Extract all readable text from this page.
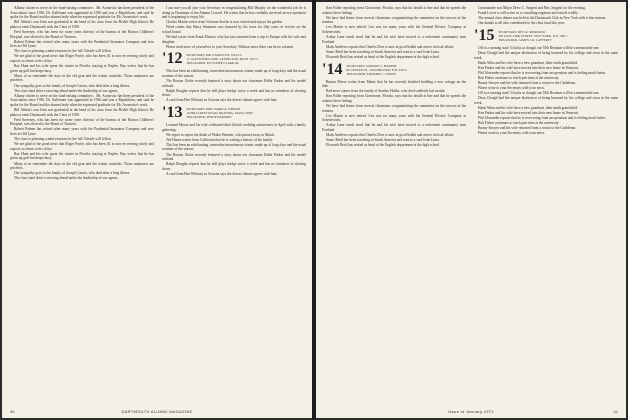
Albany citizen to serve on the fund-raising committee... Mr. Aronovitz has been president of the Association since 1936. Dr. Kalleman was appointed in 1936 and was a Republican, and said he spoke for the Board and the alumni body when he expressed gratitude for Mr. Aronovitz's work.

Bill Abbott's son John was graduated at the head of his class from the Bethel High School. He plans to enter Dartmouth with the Class of 1969.

Fred Sweeney, who has been for some years director of the bureau of the Boston Children's Hospital, was elected to the Board of Trustees.

Robert Palmer has retired after many years with the Prudential Insurance Company and now lives in Old Lyme.

The class is planning a mini-reunion for the fall. Details will follow.

We are glad of the good news that Roger Potter, who has been ill, is now recovering nicely and expects to return to his office.

Ray Hunt and his wife spent the winter in Florida, staying at Naples. Ray writes that he has given up golf but keeps busy.

Many of us remember the days in the old gym and the winter carnivals. Those memories are priceless.

Our sympathy goes to the family of Joseph Carson, who died after a long illness.

The class fund drive is moving ahead under the leadership of our agents.

Albany citizen to serve on the fund-raising committee... Mr. Aronovitz has been president of the Association since 1936. Dr. Kalleman was appointed in 1936 and was a Republican, and said he spoke for the Board and the alumni body when he expressed gratitude for Mr. Aronovitz's work.

Bill Abbott's son John was graduated at the head of his class from the Bethel High School. He plans to enter Dartmouth with the Class of 1969.

Fred Sweeney, who has been for some years director of the bureau of the Boston Children's Hospital, was elected to the Board of Trustees.

Robert Palmer has retired after many years with the Prudential Insurance Company and now lives in Old Lyme.

The class is planning a mini-reunion for the fall. Details will follow.

We are glad of the good news that Roger Potter, who has been ill, is now recovering nicely and expects to return to his office.

Ray Hunt and his wife spent the winter in Florida, staying at Naples. Ray writes that he has given up golf but keeps busy.

Many of us remember the days in the old gym and the winter carnivals. Those memories are priceless.

Our sympathy goes to the family of Joseph Carson, who died after a long illness.

The class fund drive is moving ahead under the leadership of our agents.

I am sure you all join your Secretary in congratulating Bill Murphy on the wonderful job he is doing as Chairman of the Alumni Council. He writes that he has cordially survived an eye operation and is beginning to enjoy life.

Charles Martin writes from Vermont that he is now retired and enjoys his garden.

Word comes that Harry Simmons was honored by his town for fifty years of service on the school board.

We had a note from Frank Elmore, who has just returned from a trip to Europe with his wife and daughter.

Please send news of yourselves to your Secretary. Without news there can be no column.

'12 SECRETARY, MR. STANLEY B. WELLS
11 GLENWOOD LANE, LEXINGTON, MASS. 02173
TREASURER, FLETCHER CLARK JR.

This has been an exhilarating, somewhat monotonous winter, made up of long days and the usual routines of the season.

The Boston Globe recently featured a story about our classmate Eddie Parker and his model railroad.

Ralph Douglas reports that he still plays bridge twice a week and has no intention of slowing down.

A card from Ben Whitney in Arizona says the desert climate agrees with him.

'13 SECRETARY, MRS. WARD A. WRIGHT
19 HILLCREST ROAD, READING, MASS. 01867
TREASURER, PHILIP HARMON

Leonard Moore and his wife celebrated their fiftieth wedding anniversary in April with a family gathering.

We regret to report the death of Walter Bennett, who passed away in March.

Ted Hazen writes from California that he is writing a history of his family.

This has been an exhilarating, somewhat monotonous winter, made up of long days and the usual routines of the season.

The Boston Globe recently featured a story about our classmate Eddie Parker and his model railroad.

Ralph Douglas reports that he still plays bridge twice a week and has no intention of slowing down.

A card from Ben Whitney in Arizona says the desert climate agrees with him.

40	DARTMOUTH ALUMNI MAGAZINE

Ken Fuller reporting from Clearwater, Florida, says that his health is fine and that he spends the winters there fishing.

We have had letters from several classmates congratulating the committee on the success of the reunion.

Leo Martin is now retired. Leo was for many years with the General Electric Company at Schenectady.

Arthur Lane sends word that he and his wife have moved to a retirement community near Portland.

Mark Andrews reports that Charles Dow is now in good health and active in local affairs.

Stuart Reed has been traveling in South America and sent us a card from Lima.

Elsworth Beck has retired as head of the English department at the high school.

'14 SECRETARY, GORDON C. HARPER
86 CENTER ST., WINCHESTER, N.H. 03470
TREASURER, EDWARD L. CURTIS

Burton Morse writes from Maine that he has recently finished building a new cottage on the lake.

Bad news comes from the family of Stanley Hobbs, who died suddenly last month.

Ken Fuller reporting from Clearwater, Florida, says that his health is fine and that he spends the winters there fishing.

We have had letters from several classmates congratulating the committee on the success of the reunion.

Leo Martin is now retired. Leo was for many years with the General Electric Company at Schenectady.

Arthur Lane sends word that he and his wife have moved to a retirement community near Portland.

Mark Andrews reports that Charles Dow is now in good health and active in local affairs.

Stuart Reed has been traveling in South America and sent us a card from Lima.

Elsworth Beck has retired as head of the English department at the high school.

Commander was Major Drew C. Sargent and Mrs. Sargent for the evening.

Frank Lewis is still active as a consulting engineer and travels widely.

The annual class dinner was held at the Dartmouth Club in New York with a fine turnout.

Our thanks to all who contributed to the class fund this year.

'15 SECRETARY, REV. R. MURDOCK
305 EAST 43RD STREET, NEW YORK, N.Y. 10017
TREASURER, JAMES S.R. LAFFERTY

Off to a running start! It looks as though our 55th Reunion will be a memorable one.

Dean Clough had the unique distinction of being honored by his college and town in the same week.

Hank Allen and his wife have a new grandson, their ninth grandchild.

Ken Parker and his wife have moved into their new home in Vermont.

Phil Alexander reports that he is recovering from an operation and is feeling much better.

Bob Fisher continues to teach part time at the university.

Bunny Sawyer and his wife returned from a cruise to the Caribbean.

Please write to your Secretary with your news.

Off to a running start! It looks as though our 55th Reunion will be a memorable one.

Dean Clough had the unique distinction of being honored by his college and town in the same week.

Hank Allen and his wife have a new grandson, their ninth grandchild.

Ken Parker and his wife have moved into their new home in Vermont.

Phil Alexander reports that he is recovering from an operation and is feeling much better.

Bob Fisher continues to teach part time at the university.

Bunny Sawyer and his wife returned from a cruise to the Caribbean.

Please write to your Secretary with your news.

Issue of January 1971	41
